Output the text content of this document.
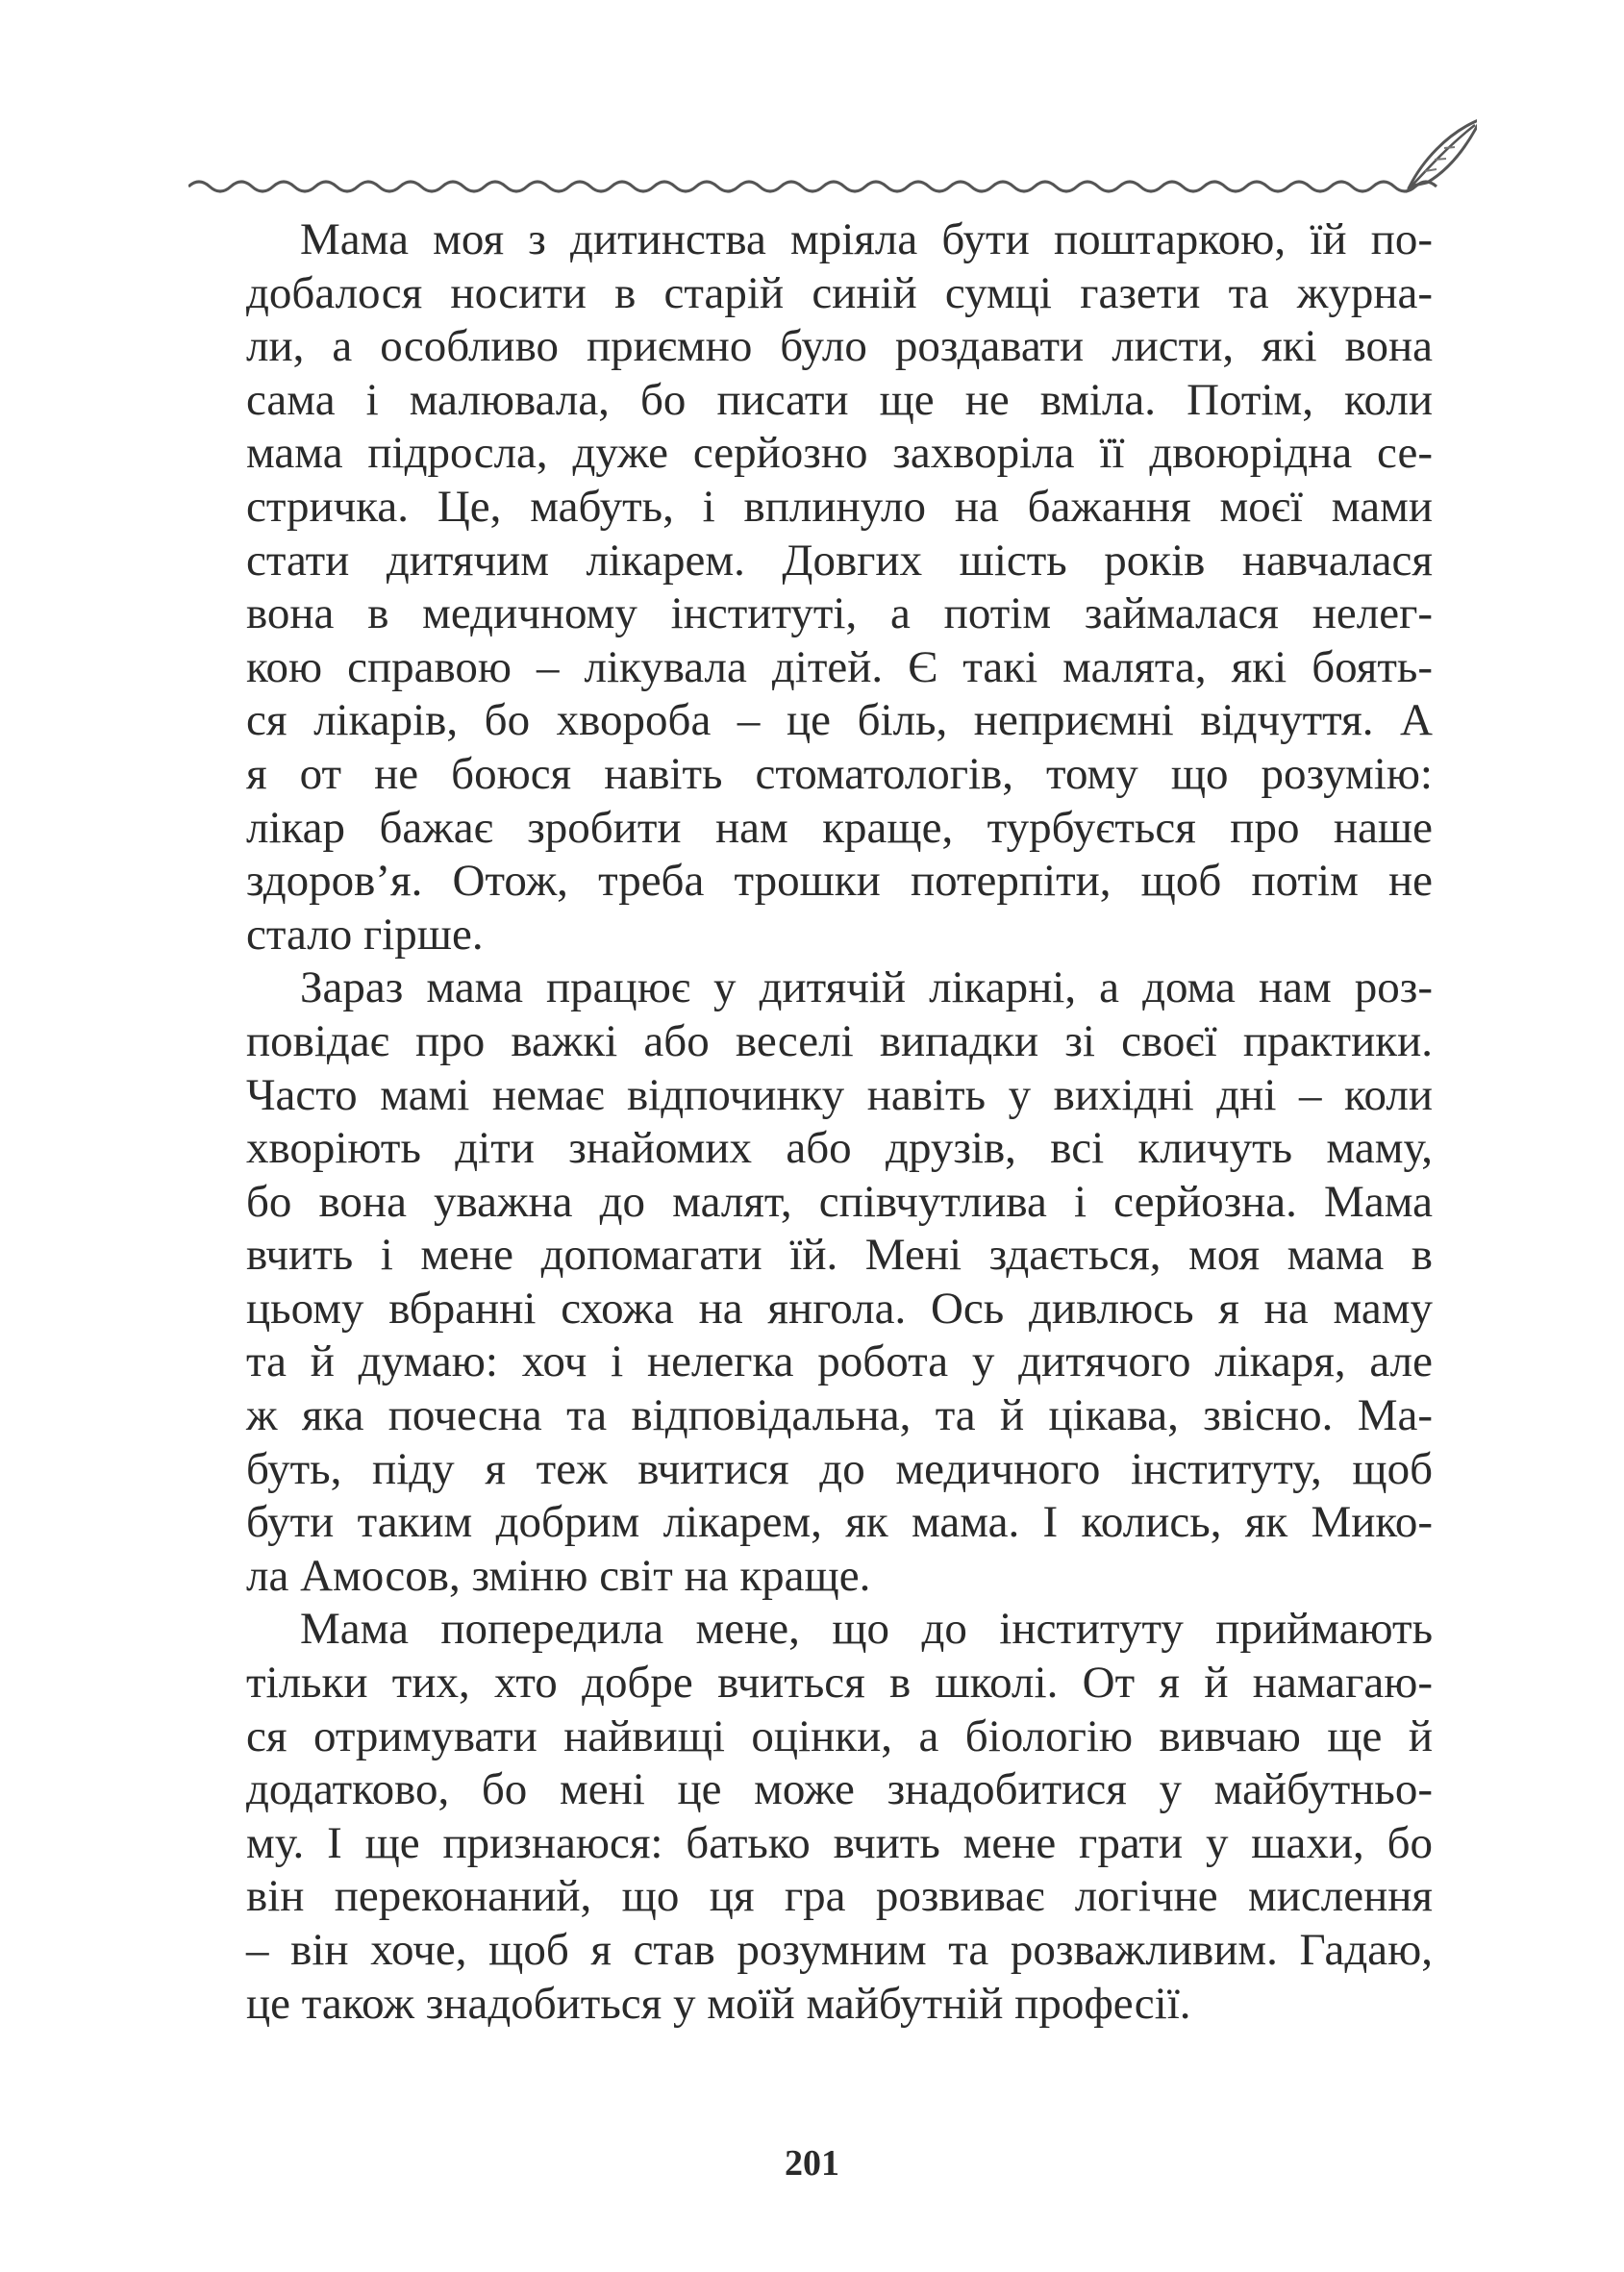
Мама моя з дитинства мріяла бути поштаркою, їй по-
добалося носити в старій синій сумці газети та журна-
ли, а особливо приємно було роздавати листи, які вона
сама і малювала, бо писати ще не вміла. Потім, коли
мама підросла, дуже серйозно захворіла її двоюрідна се-
стричка. Це, мабуть, і вплинуло на бажання моєї мами
стати дитячим лікарем. Довгих шість років навчалася
вона в медичному інституті, а потім займалася нелег-
кою справою – лікувала дітей. Є такі малята, які боять-
ся лікарів, бо хвороба – це біль, неприємні відчуття. А
я от не боюся навіть стоматологів, тому що розумію:
лікар бажає зробити нам краще, турбується про наше
здоров’я. Отож, треба трошки потерпіти, щоб потім не
стало гірше.
Зараз мама працює у дитячій лікарні, а дома нам роз-
повідає про важкі або веселі випадки зі своєї практики.
Часто мамі немає відпочинку навіть у вихідні дні – коли
хворіють діти знайомих або друзів, всі кличуть маму,
бо вона уважна до малят, співчутлива і серйозна. Мама
вчить і мене допомагати їй. Мені здається, моя мама в
цьому вбранні схожа на янгола. Ось дивлюсь я на маму
та й думаю: хоч і нелегка робота у дитячого лікаря, але
ж яка почесна та відповідальна, та й цікава, звісно. Ма-
буть, піду я теж вчитися до медичного інституту, щоб
бути таким добрим лікарем, як мама. І колись, як Мико-
ла Амосов, зміню світ на краще.
Мама попередила мене, що до інституту приймають
тільки тих, хто добре вчиться в школі. От я й намагаю-
ся отримувати найвищі оцінки, а біологію вивчаю ще й
додатково, бо мені це може знадобитися у майбутньо-
му. І ще признаюся: батько вчить мене грати у шахи, бо
він переконаний, що ця гра розвиває логічне мислення
– він хоче, щоб я став розумним та розважливим. Гадаю,
це також знадобиться у моїй майбутній професії.
201
